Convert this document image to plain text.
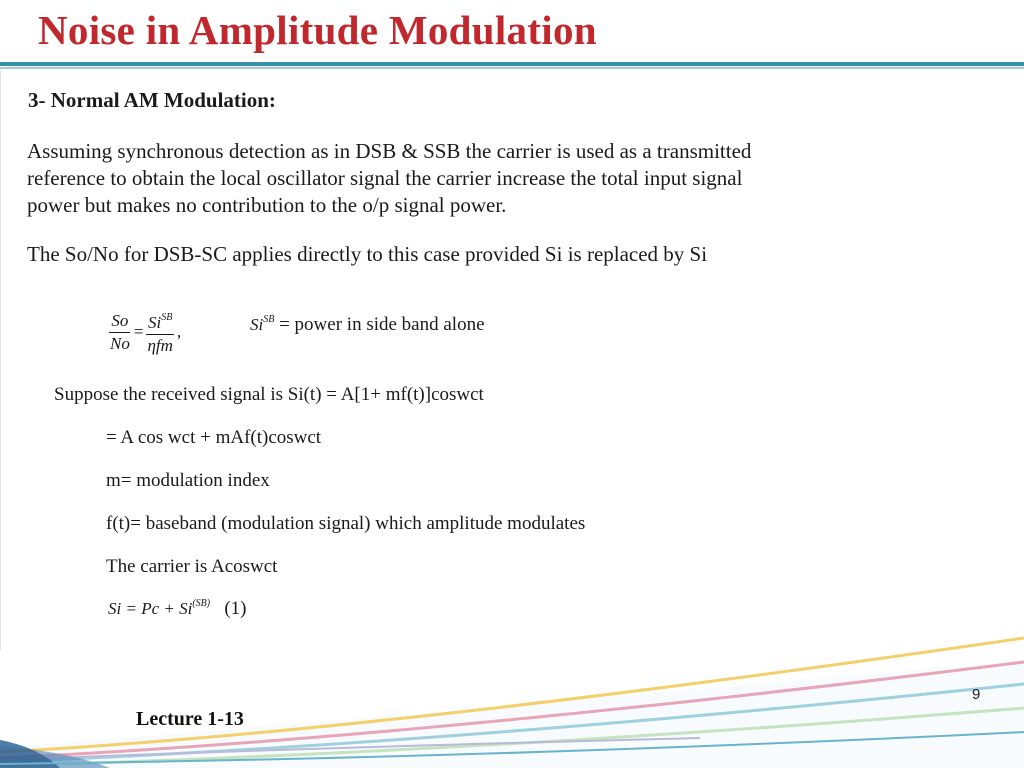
Noise in Amplitude Modulation

3- Normal AM Modulation:

Assuming synchronous detection as in DSB & SSB the carrier is used as a transmitted
reference to obtain the local oscillator signal the carrier increase the total input signal
power but makes no contribution to the o/p signal power.

The So/No for DSB-SC applies directly to this case provided Si is replaced by Si

$\frac{So}{No} = \frac{Si^{SB}}{\text{ηfm}}$ ,	$Si^{SB}$ = power in side band alone
Suppose the received signal is Si(t) = A[1+ mf(t)]coswct
= A cos wct + mAf(t)coswct
m= modulation index
f(t)= baseband (modulation signal) which amplitude modulates
The carrier is Acoswct
$Si = Pc + Si^{(SB)}$ (1)
9
Lecture 1-13
